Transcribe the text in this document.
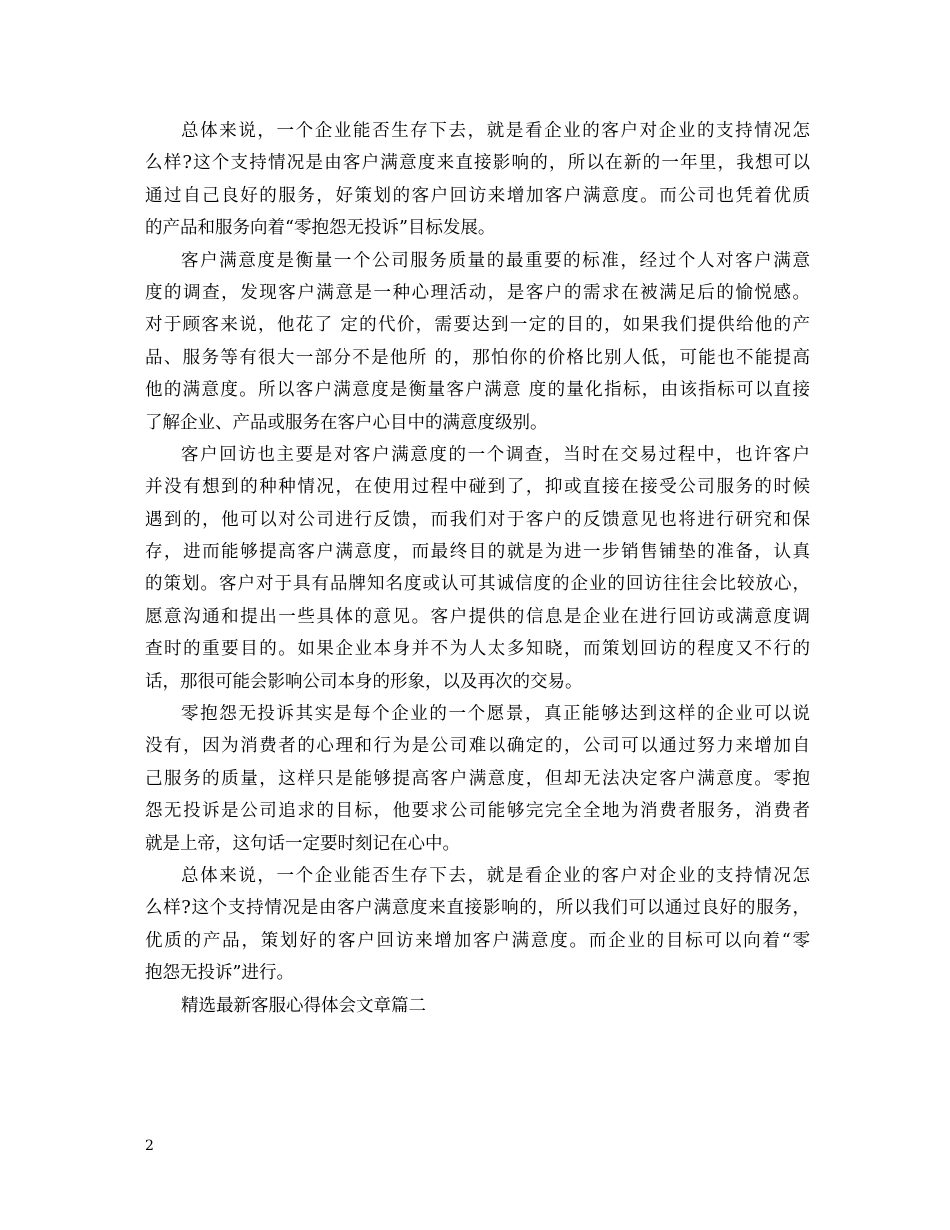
总体来说，一个企业能否生存下去，就是看企业的客户对企业的支持情况怎
么样?这个支持情况是由客户满意度来直接影响的，所以在新的一年里，我想可以
通过自己良好的服务，好策划的客户回访来增加客户满意度。而公司也凭着优质
的产品和服务向着“零抱怨无投诉”目标发展。
客户满意度是衡量一个公司服务质量的最重要的标准，经过个人对客户满意
度的调查，发现客户满意是一种心理活动，是客户的需求在被满足后的愉悦感。
对于顾客来说，他花了 定的代价，需要达到一定的目的，如果我们提供给他的产
品、服务等有很大一部分不是他所 的，那怕你的价格比别人低，可能也不能提高
他的满意度。所以客户满意度是衡量客户满意 度的量化指标，由该指标可以直接
了解企业、产品或服务在客户心目中的满意度级别。
客户回访也主要是对客户满意度的一个调查，当时在交易过程中，也许客户
并没有想到的种种情况，在使用过程中碰到了，抑或直接在接受公司服务的时候
遇到的，他可以对公司进行反馈，而我们对于客户的反馈意见也将进行研究和保
存，进而能够提高客户满意度，而最终目的就是为进一步销售铺垫的准备，认真
的策划。客户对于具有品牌知名度或认可其诚信度的企业的回访往往会比较放心，
愿意沟通和提出一些具体的意见。客户提供的信息是企业在进行回访或满意度调
查时的重要目的。如果企业本身并不为人太多知晓，而策划回访的程度又不行的
话，那很可能会影响公司本身的形象，以及再次的交易。
零抱怨无投诉其实是每个企业的一个愿景，真正能够达到这样的企业可以说
没有，因为消费者的心理和行为是公司难以确定的，公司可以通过努力来增加自
己服务的质量，这样只是能够提高客户满意度，但却无法决定客户满意度。零抱
怨无投诉是公司追求的目标，他要求公司能够完完全全地为消费者服务，消费者
就是上帝，这句话一定要时刻记在心中。
总体来说，一个企业能否生存下去，就是看企业的客户对企业的支持情况怎
么样?这个支持情况是由客户满意度来直接影响的，所以我们可以通过良好的服务，
优质的产品，策划好的客户回访来增加客户满意度。而企业的目标可以向着“零
抱怨无投诉”进行。
精选最新客服心得体会文章篇二
2
